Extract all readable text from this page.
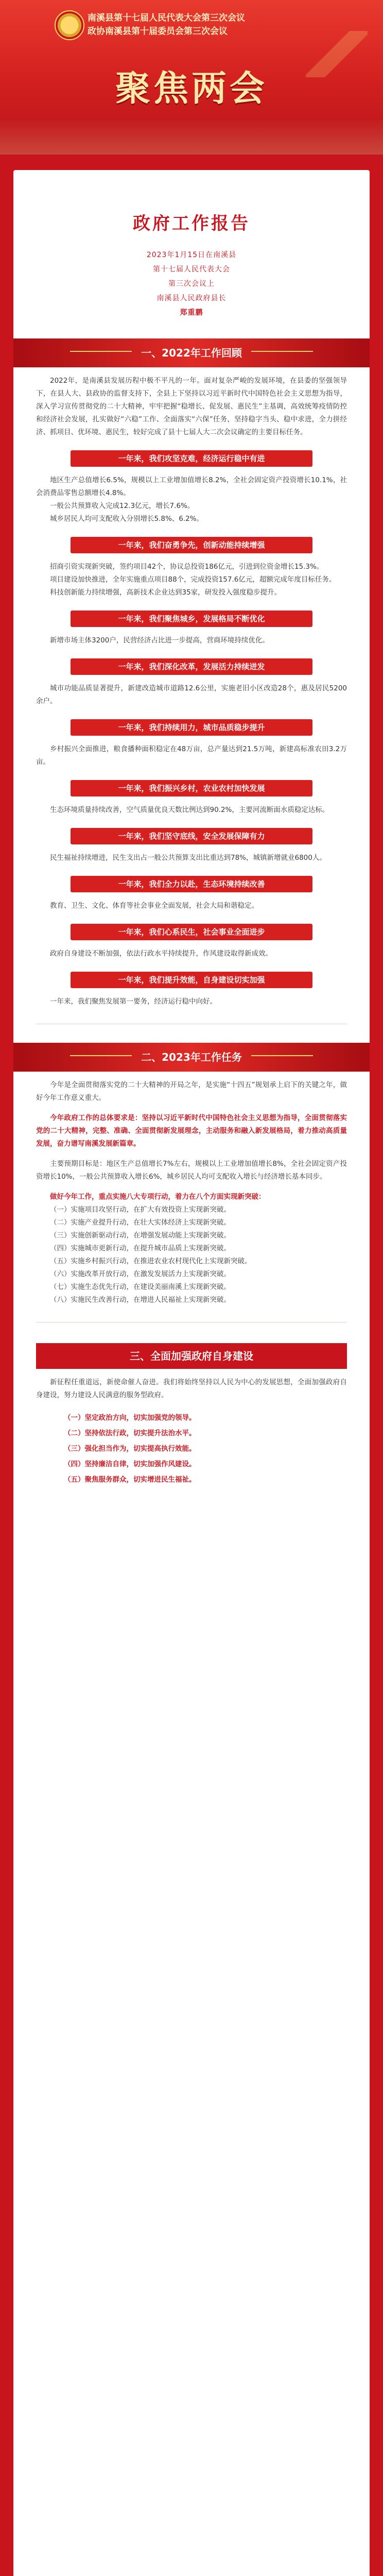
南溪县第十七届人民代表大会第三次会议
政协南溪县第十届委员会第三次会议
聚焦两会
政府工作报告
2023年1月15日在南溪县
第十七届人民代表大会
第三次会议上
南溪县人民政府县长
郑重鹏
一、2022年工作回顾

2022年，是南溪县发展历程中极不平凡的一年。面对复杂严峻的发展环境，在县委的坚强领导下，在县人大、县政协的监督支持下，全县上下坚持以习近平新时代中国特色社会主义思想为指导，深入学习宣传贯彻党的二十大精神，牢牢把握“稳增长、促发展、惠民生”主基调，高效统筹疫情防控和经济社会发展，扎实做好“六稳”工作、全面落实“六保”任务，坚持稳字当头、稳中求进，全力拼经济、抓项目、优环境、惠民生，较好完成了县十七届人大二次会议确定的主要目标任务。

一年来，我们攻坚克难，经济运行稳中有进

地区生产总值增长6.5%，规模以上工业增加值增长8.2%，全社会固定资产投资增长10.1%，社会消费品零售总额增长4.8%。

一般公共预算收入完成12.3亿元，增长7.6%。

城乡居民人均可支配收入分别增长5.8%、6.2%。

一年来，我们奋勇争先，创新动能持续增强

招商引资实现新突破，签约项目42个，协议总投资186亿元，引进到位资金增长15.3%。

项目建设加快推进，全年实施重点项目88个，完成投资157.6亿元，超额完成年度目标任务。

科技创新能力持续增强，高新技术企业达到35家，研发投入强度稳步提升。

一年来，我们聚焦城乡，发展格局不断优化

新增市场主体3200户，民营经济占比进一步提高，营商环境持续优化。

一年来，我们深化改革，发展活力持续迸发

城市功能品质显著提升，新建改造城市道路12.6公里，实施老旧小区改造28个，惠及居民5200余户。

一年来，我们持续用力，城市品质稳步提升

乡村振兴全面推进，粮食播种面积稳定在48万亩，总产量达到21.5万吨，新建高标准农田3.2万亩。

一年来，我们振兴乡村，农业农村加快发展

生态环境质量持续改善，空气质量优良天数比例达到90.2%，主要河流断面水质稳定达标。

一年来，我们坚守底线，安全发展保障有力

民生福祉持续增进，民生支出占一般公共预算支出比重达到78%，城镇新增就业6800人。

一年来，我们全力以赴，生态环境持续改善

教育、卫生、文化、体育等社会事业全面发展，社会大局和谐稳定。

一年来，我们心系民生，社会事业全面进步

政府自身建设不断加强，依法行政水平持续提升，作风建设取得新成效。

一年来，我们提升效能，自身建设切实加强

一年来，我们聚焦发展第一要务，经济运行稳中向好。

二、2023年工作任务

今年是全面贯彻落实党的二十大精神的开局之年，是实施“十四五”规划承上启下的关键之年，做好今年工作意义重大。

今年政府工作的总体要求是：坚持以习近平新时代中国特色社会主义思想为指导，全面贯彻落实党的二十大精神，完整、准确、全面贯彻新发展理念，主动服务和融入新发展格局，着力推动高质量发展，奋力谱写南溪发展新篇章。

主要预期目标是：地区生产总值增长7%左右，规模以上工业增加值增长8%，全社会固定资产投资增长10%，一般公共预算收入增长6%，城乡居民人均可支配收入增长与经济增长基本同步。

做好今年工作，重点实施八大专项行动，着力在八个方面实现新突破：

（一）实施项目攻坚行动，在扩大有效投资上实现新突破。

（二）实施产业提升行动，在壮大实体经济上实现新突破。

（三）实施创新驱动行动，在增强发展动能上实现新突破。

（四）实施城市更新行动，在提升城市品质上实现新突破。

（五）实施乡村振兴行动，在推进农业农村现代化上实现新突破。

（六）实施改革开放行动，在激发发展活力上实现新突破。

（七）实施生态优先行动，在建设美丽南溪上实现新突破。

（八）实施民生改善行动，在增进人民福祉上实现新突破。

三、全面加强政府自身建设

新征程任重道远，新使命催人奋进。我们将始终坚持以人民为中心的发展思想，全面加强政府自身建设，努力建设人民满意的服务型政府。

（一）坚定政治方向，切实加强党的领导。

（二）坚持依法行政，切实提升法治水平。

（三）强化担当作为，切实提高执行效能。

（四）坚持廉洁自律，切实加强作风建设。

（五）聚焦服务群众，切实增进民生福祉。
